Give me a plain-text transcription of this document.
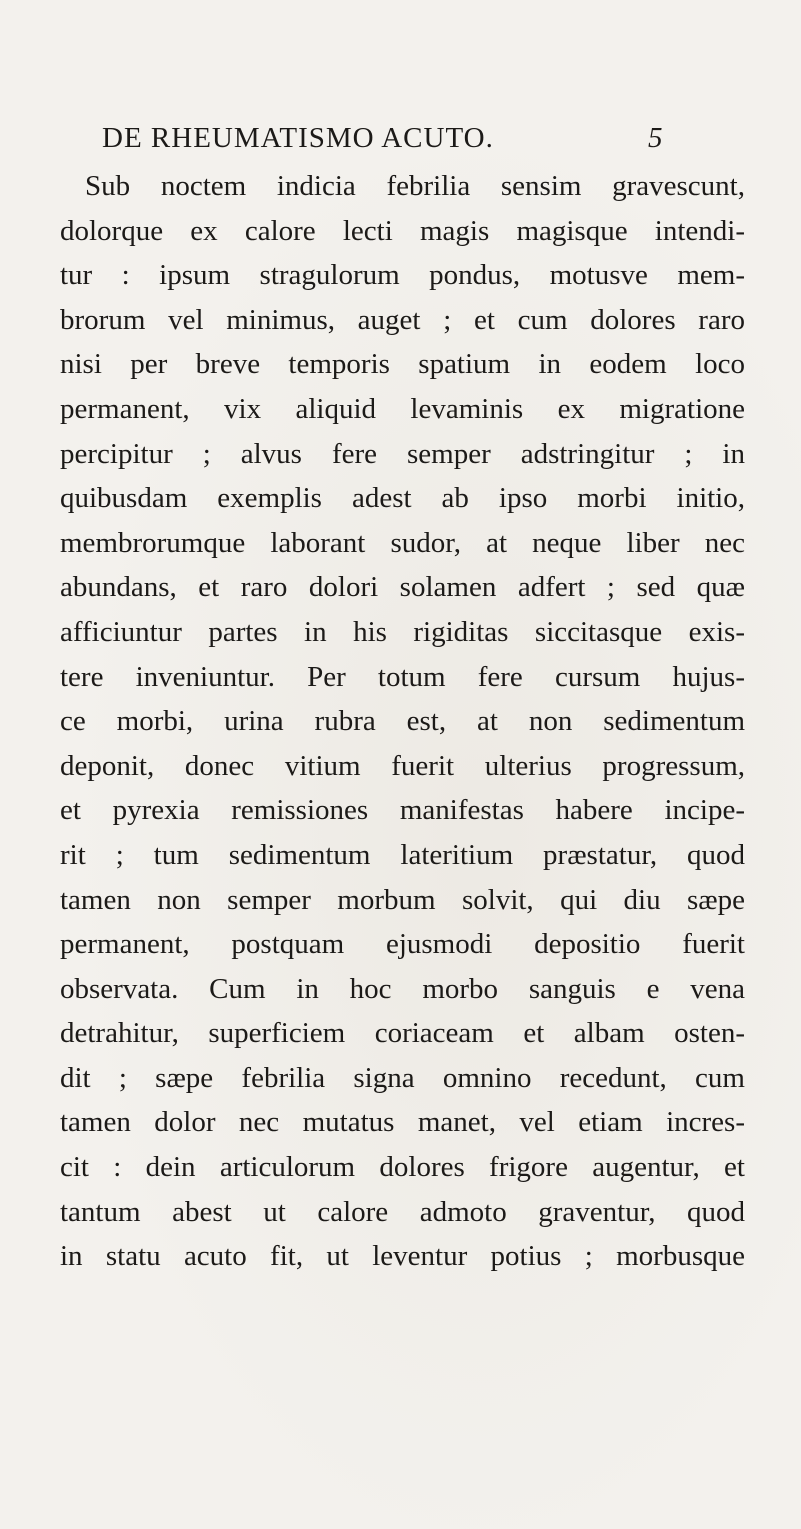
DE RHEUMATISMO ACUTO.	5
Sub noctem indicia febrilia sensim gravescunt,
dolorque ex calore lecti magis magisque intendi-
tur : ipsum stragulorum pondus, motusve mem-
brorum vel minimus, auget ; et cum dolores raro
nisi per breve temporis spatium in eodem loco
permanent, vix aliquid levaminis ex migratione
percipitur ; alvus fere semper adstringitur ; in
quibusdam exemplis adest ab ipso morbi initio,
membrorumque laborant sudor, at neque liber nec
abundans, et raro dolori solamen adfert ; sed quæ
afficiuntur partes in his rigiditas siccitasque exis-
tere inveniuntur. Per totum fere cursum hujus-
ce morbi, urina rubra est, at non sedimentum
deponit, donec vitium fuerit ulterius progressum,
et pyrexia remissiones manifestas habere incipe-
rit ; tum sedimentum lateritium præstatur, quod
tamen non semper morbum solvit, qui diu sæpe
permanent, postquam ejusmodi depositio fuerit
observata. Cum in hoc morbo sanguis e vena
detrahitur, superficiem coriaceam et albam osten-
dit ; sæpe febrilia signa omnino recedunt, cum
tamen dolor nec mutatus manet, vel etiam incres-
cit : dein articulorum dolores frigore augentur, et
tantum abest ut calore admoto graventur, quod
in statu acuto fit, ut leventur potius ; morbusque
